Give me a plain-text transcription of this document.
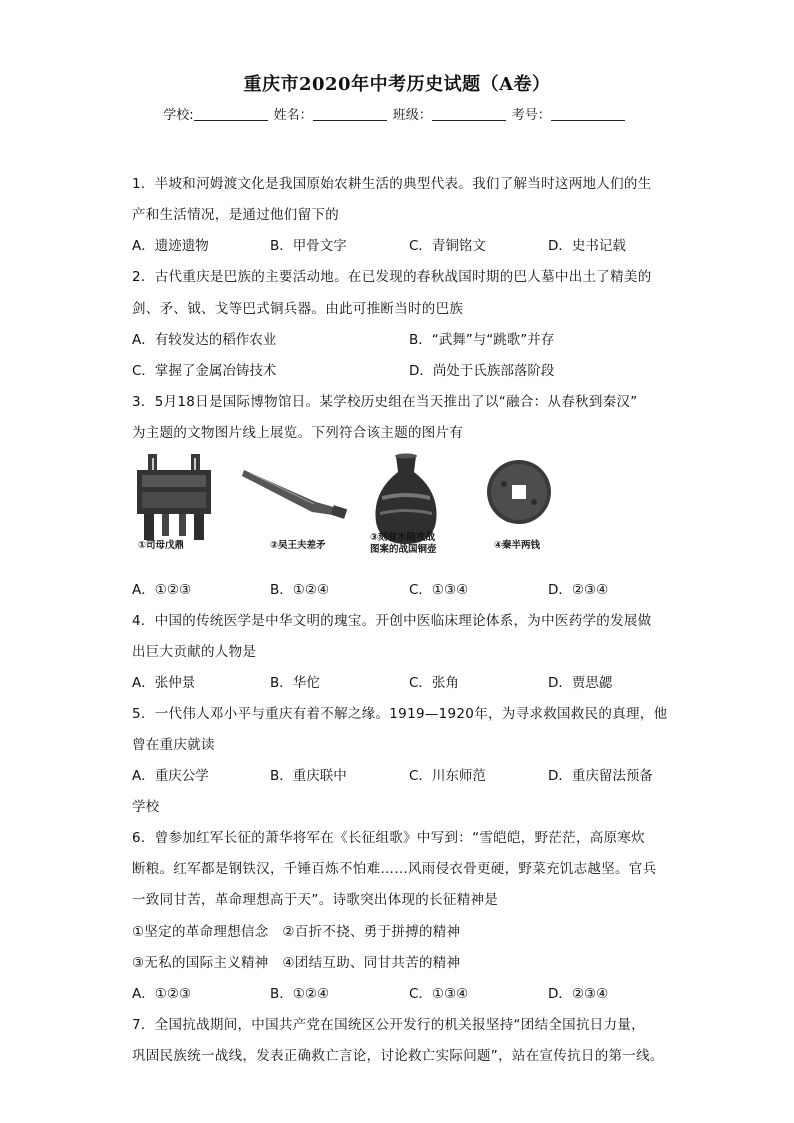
重庆市2020年中考历史试题（A卷）
学校:	姓名：	班级：	考号：
1．半坡和河姆渡文化是我国原始农耕生活的典型代表。我们了解当时这两地人们的生
产和生活情况，是通过他们留下的
A．遗迹遗物	B．甲骨文字	C．青铜铭文	D．史书记载
2．古代重庆是巴族的主要活动地。在已发现的春秋战国时期的巴人墓中出土了精美的
剑、矛、钺、戈等巴式铜兵器。由此可推断当时的巴族
A．有较发达的稻作农业	B．“武舞”与“跳歌”并存
C．掌握了金属冶铸技术	D．尚处于氏族部落阶段
3．5月18日是国际博物馆日。某学校历史组在当天推出了以“融合：从春秋到秦汉”
为主题的文物图片线上展览。下列符合该主题的图片有
①司母戊鼎	②吴王夫差矛
③刻有水陆攻战
图案的战国铜壶	④秦半两钱
A．①②③	B．①②④	C．①③④	D．②③④
4．中国的传统医学是中华文明的瑰宝。开创中医临床理论体系，为中医药学的发展做
出巨大贡献的人物是
A．张仲景	B．华佗	C．张角	D．贾思勰
5．一代伟人邓小平与重庆有着不解之缘。1919—1920年，为寻求救国救民的真理，他
曾在重庆就读
A．重庆公学	B．重庆联中	C．川东师范	D．重庆留法预备
学校
6．曾参加红军长征的萧华将军在《长征组歌》中写到：“雪皑皑，野茫茫，高原寒炊
断粮。红军都是钢铁汉，千锤百炼不怕难……风雨侵衣骨更硬，野菜充饥志越坚。官兵
一致同甘苦，革命理想高于天”。诗歌突出体现的长征精神是
①坚定的革命理想信念　②百折不挠、勇于拼搏的精神
③无私的国际主义精神　④团结互助、同甘共苦的精神
A．①②③	B．①②④	C．①③④	D．②③④
7．全国抗战期间，中国共产党在国统区公开发行的机关报坚持“团结全国抗日力量，
巩固民族统一战线，发表正确救亡言论，讨论救亡实际问题”，站在宣传抗日的第一线。
